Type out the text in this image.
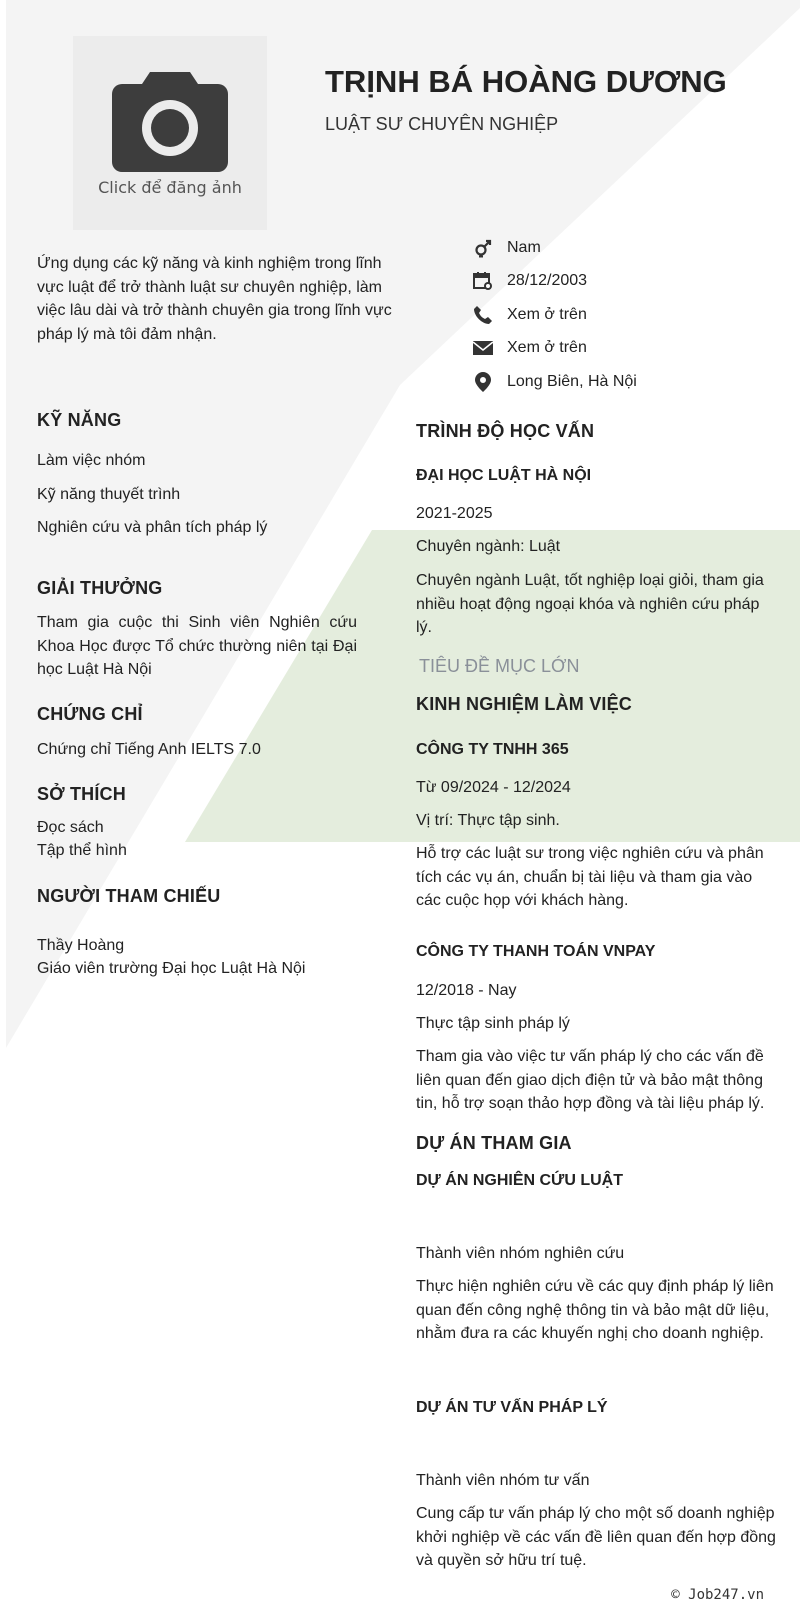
Click để đăng ảnh
TRỊNH BÁ HOÀNG DƯƠNG
LUẬT SƯ CHUYÊN NGHIỆP

Ứng dụng các kỹ năng và kinh nghiệm trong lĩnh vực luật để trở thành luật sư chuyên nghiệp, làm việc lâu dài và trở thành chuyên gia trong lĩnh vực pháp lý mà tôi đảm nhận.

Nam
28/12/2003
Xem ở trên
Xem ở trên
Long Biên, Hà Nội
KỸ NĂNG

Làm việc nhóm

Kỹ năng thuyết trình

Nghiên cứu và phân tích pháp lý

GIẢI THƯỞNG

Tham gia cuộc thi Sinh viên Nghiên cứu Khoa Học được Tổ chức thường niên tại Đại học Luật Hà Nội

CHỨNG CHỈ

Chứng chỉ Tiếng Anh IELTS 7.0

SỞ THÍCH

Đọc sách

Tập thể hình

NGƯỜI THAM CHIẾU

Thầy Hoàng

Giáo viên trường Đại học Luật Hà Nội

TRÌNH ĐỘ HỌC VẤN

ĐẠI HỌC LUẬT HÀ NỘI

2021-2025

Chuyên ngành: Luật

Chuyên ngành Luật, tốt nghiệp loại giỏi, tham gia nhiều hoạt động ngoại khóa và nghiên cứu pháp lý.

TIÊU ĐỀ MỤC LỚN

KINH NGHIỆM LÀM VIỆC

CÔNG TY TNHH 365

Từ 09/2024 - 12/2024

Vị trí: Thực tập sinh.

Hỗ trợ các luật sư trong việc nghiên cứu và phân tích các vụ án, chuẩn bị tài liệu và tham gia vào các cuộc họp với khách hàng.

CÔNG TY THANH TOÁN VNPAY

12/2018 - Nay

Thực tập sinh pháp lý

Tham gia vào việc tư vấn pháp lý cho các vấn đề liên quan đến giao dịch điện tử và bảo mật thông tin, hỗ trợ soạn thảo hợp đồng và tài liệu pháp lý.

DỰ ÁN THAM GIA

DỰ ÁN NGHIÊN CỨU LUẬT

Thành viên nhóm nghiên cứu

Thực hiện nghiên cứu về các quy định pháp lý liên quan đến công nghệ thông tin và bảo mật dữ liệu, nhằm đưa ra các khuyến nghị cho doanh nghiệp.

DỰ ÁN TƯ VẤN PHÁP LÝ

Thành viên nhóm tư vấn

Cung cấp tư vấn pháp lý cho một số doanh nghiệp khởi nghiệp về các vấn đề liên quan đến hợp đồng và quyền sở hữu trí tuệ.

© Job247.vn
